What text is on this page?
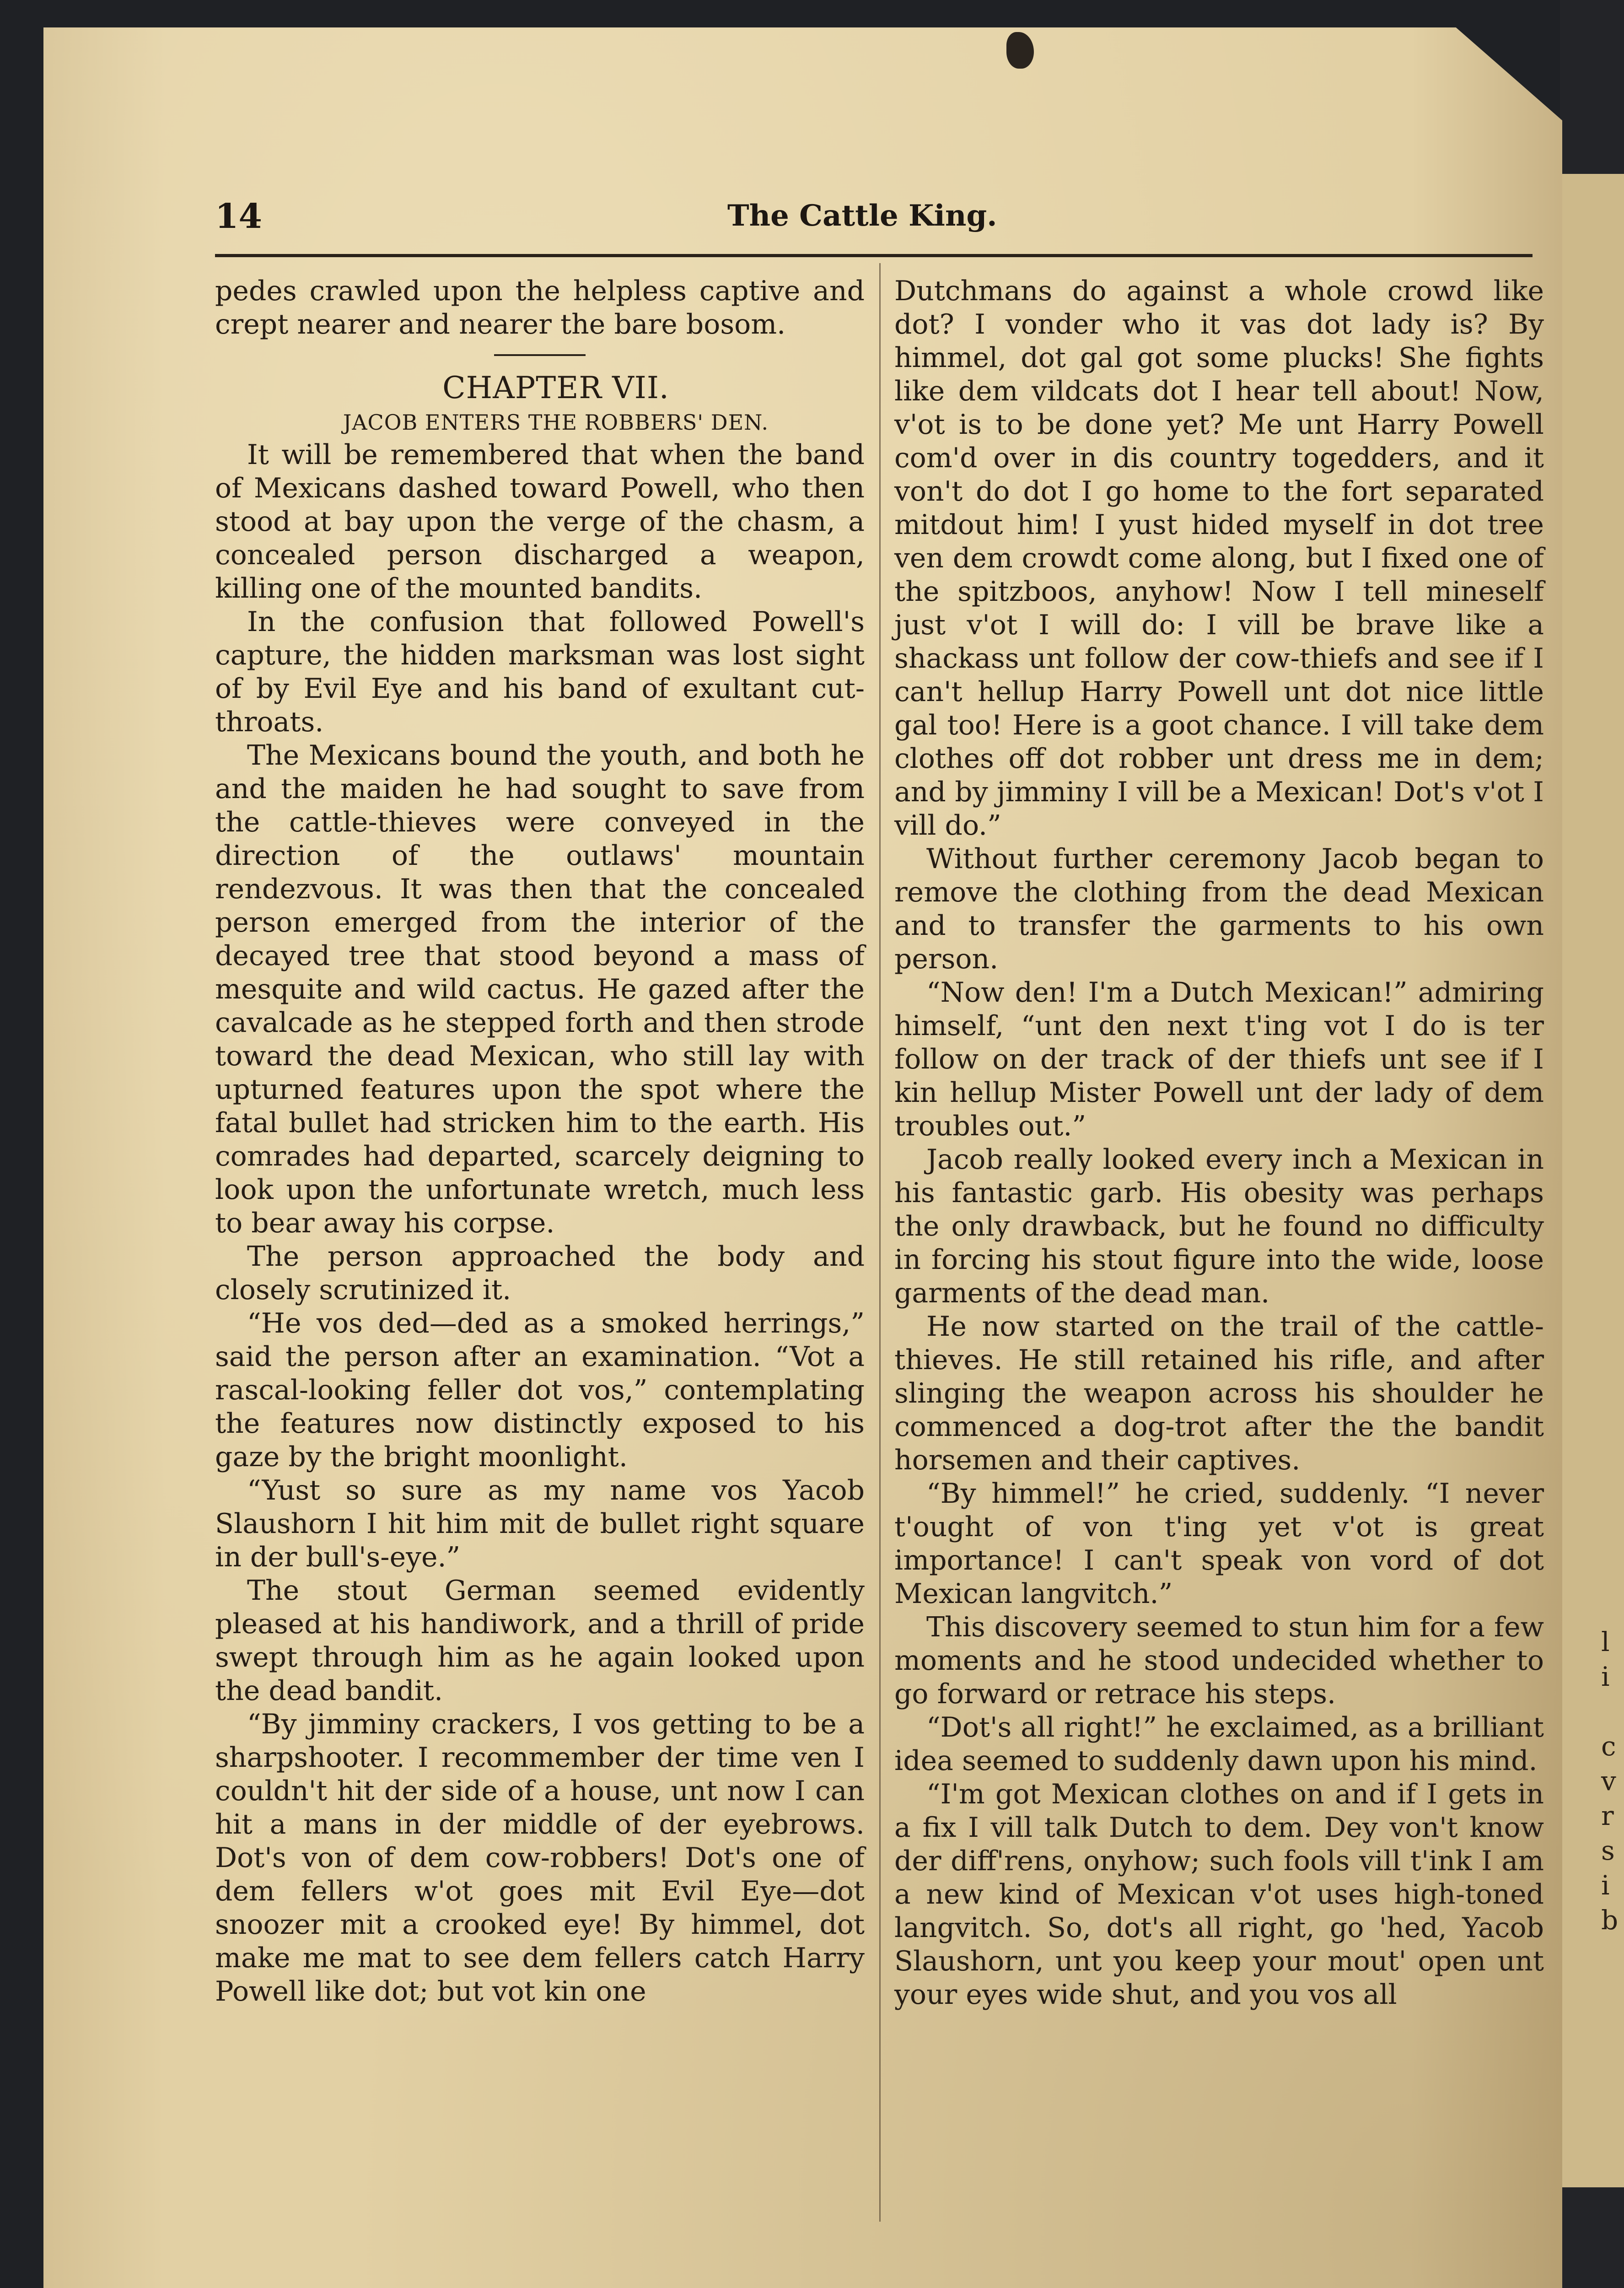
l
i

c
v
r
s
i
b
14	The Cattle King.

pedes crawled upon the helpless captive and crept nearer and nearer the bare bosom.

CHAPTER VII.

JACOB ENTERS THE ROBBERS' DEN.

It will be remembered that when the band of Mexicans dashed toward Powell, who then stood at bay upon the verge of the chasm, a concealed person discharged a weapon, killing one of the mounted bandits.

In the confusion that followed Powell's capture, the hidden marksman was lost sight of by Evil Eye and his band of exultant cut-throats.

The Mexicans bound the youth, and both he and the maiden he had sought to save from the cattle-thieves were conveyed in the direction of the outlaws' mountain rendezvous. It was then that the concealed person emerged from the interior of the decayed tree that stood beyond a mass of mesquite and wild cactus. He gazed after the cavalcade as he stepped forth and then strode toward the dead Mexican, who still lay with upturned features upon the spot where the fatal bullet had stricken him to the earth. His comrades had departed, scarcely deigning to look upon the unfortunate wretch, much less to bear away his corpse.

The person approached the body and closely scrutinized it.

“He vos ded—ded as a smoked herrings,” said the person after an examination. “Vot a rascal-looking feller dot vos,” contemplating the features now distinctly exposed to his gaze by the bright moonlight.

“Yust so sure as my name vos Yacob Slaushorn I hit him mit de bullet right square in der bull's-eye.”

The stout German seemed evidently pleased at his handiwork, and a thrill of pride swept through him as he again looked upon the dead bandit.

“By jimminy crackers, I vos getting to be a sharpshooter. I recommember der time ven I couldn't hit der side of a house, unt now I can hit a mans in der middle of der eyebrows. Dot's von of dem cow-robbers! Dot's one of dem fellers w'ot goes mit Evil Eye—dot snoozer mit a crooked eye! By himmel, dot make me mat to see dem fellers catch Harry Powell like dot; but vot kin one

Dutchmans do against a whole crowd like dot? I vonder who it vas dot lady is? By himmel, dot gal got some plucks! She fights like dem vildcats dot I hear tell about! Now, v'ot is to be done yet? Me unt Harry Powell com'd over in dis country togedders, and it von't do dot I go home to the fort separated mitdout him! I yust hided myself in dot tree ven dem crowdt come along, but I fixed one of the spitzboos, anyhow! Now I tell mineself just v'ot I will do: I vill be brave like a shackass unt follow der cow-thiefs and see if I can't hellup Harry Powell unt dot nice little gal too! Here is a goot chance. I vill take dem clothes off dot robber unt dress me in dem; and by jimminy I vill be a Mexican! Dot's v'ot I vill do.”

Without further ceremony Jacob began to remove the clothing from the dead Mexican and to transfer the garments to his own person.

“Now den! I'm a Dutch Mexican!” admiring himself, “unt den next t'ing vot I do is ter follow on der track of der thiefs unt see if I kin hellup Mister Powell unt der lady of dem troubles out.”

Jacob really looked every inch a Mexican in his fantastic garb. His obesity was perhaps the only drawback, but he found no difficulty in forcing his stout figure into the wide, loose garments of the dead man.

He now started on the trail of the cattle-thieves. He still retained his rifle, and after slinging the weapon across his shoulder he commenced a dog-trot after the the bandit horsemen and their captives.

“By himmel!” he cried, suddenly. “I never t'ought of von t'ing yet v'ot is great importance! I can't speak von vord of dot Mexican langvitch.”

This discovery seemed to stun him for a few moments and he stood undecided whether to go forward or retrace his steps.

“Dot's all right!” he exclaimed, as a brilliant idea seemed to suddenly dawn upon his mind.

“I'm got Mexican clothes on and if I gets in a fix I vill talk Dutch to dem. Dey von't know der diff'rens, onyhow; such fools vill t'ink I am a new kind of Mexican v'ot uses high-toned langvitch. So, dot's all right, go 'hed, Yacob Slaushorn, unt you keep your mout' open unt your eyes wide shut, and you vos all
